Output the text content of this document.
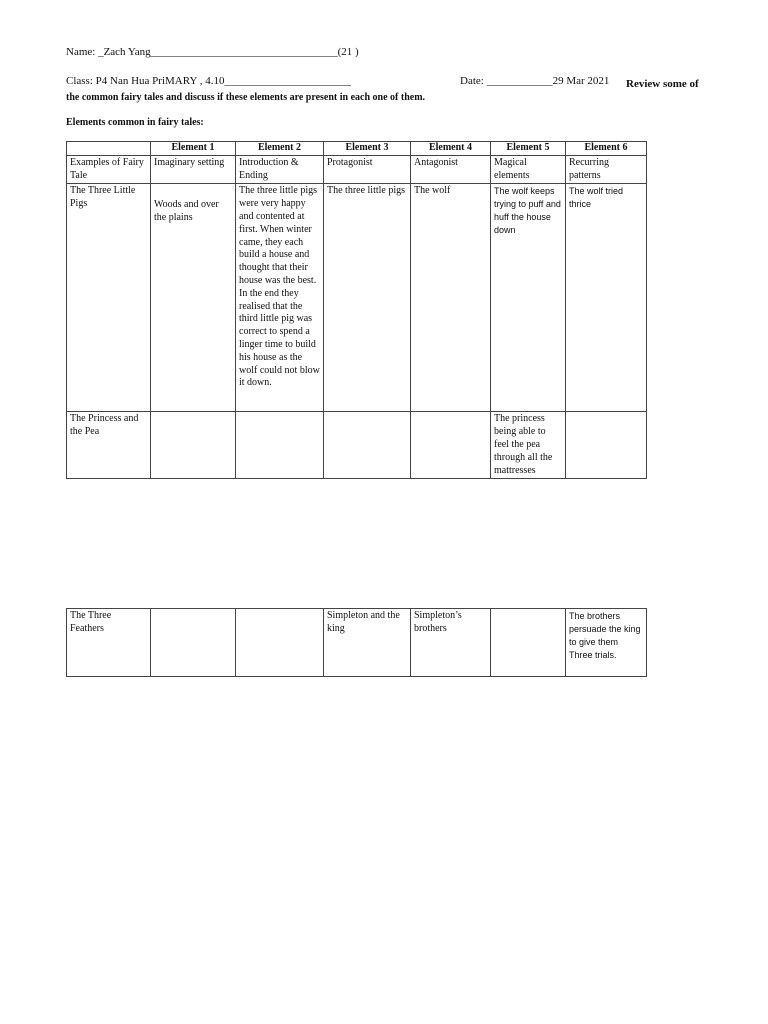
Name: _Zach Yang__________________________________(21 )
Class: P4 Nan Hua PriMARY , 4.10_______________________	Date: ____________29 Mar 2021 Review some of
the common fairy tales and discuss if these elements are present in each one of them.
Elements common in fairy tales:
	Element 1	Element 2	Element 3	Element 4	Element 5	Element 6
Examples of Fairy Tale	Imaginary setting	Introduction & Ending	Protagonist	Antagonist	Magical elements	Recurring patterns
The Three Little Pigs	Woods and over the plains	The three little pigs were very happy and contented at first. When winter came, they each build a house and thought that their house was the best. In the end they realised that the third little pig was correct to spend a linger time to build his house as the wolf could not blow it down.	The three little pigs	The wolf	The wolf keeps trying to puff and huff the house down	The wolf tried thrice
The Princess and the Pea					The princess being able to feel the pea through all the mattresses	
The Three Feathers			Simpleton and the king	Simpleton’s brothers		The brothers persuade the king to give them Three trials.
